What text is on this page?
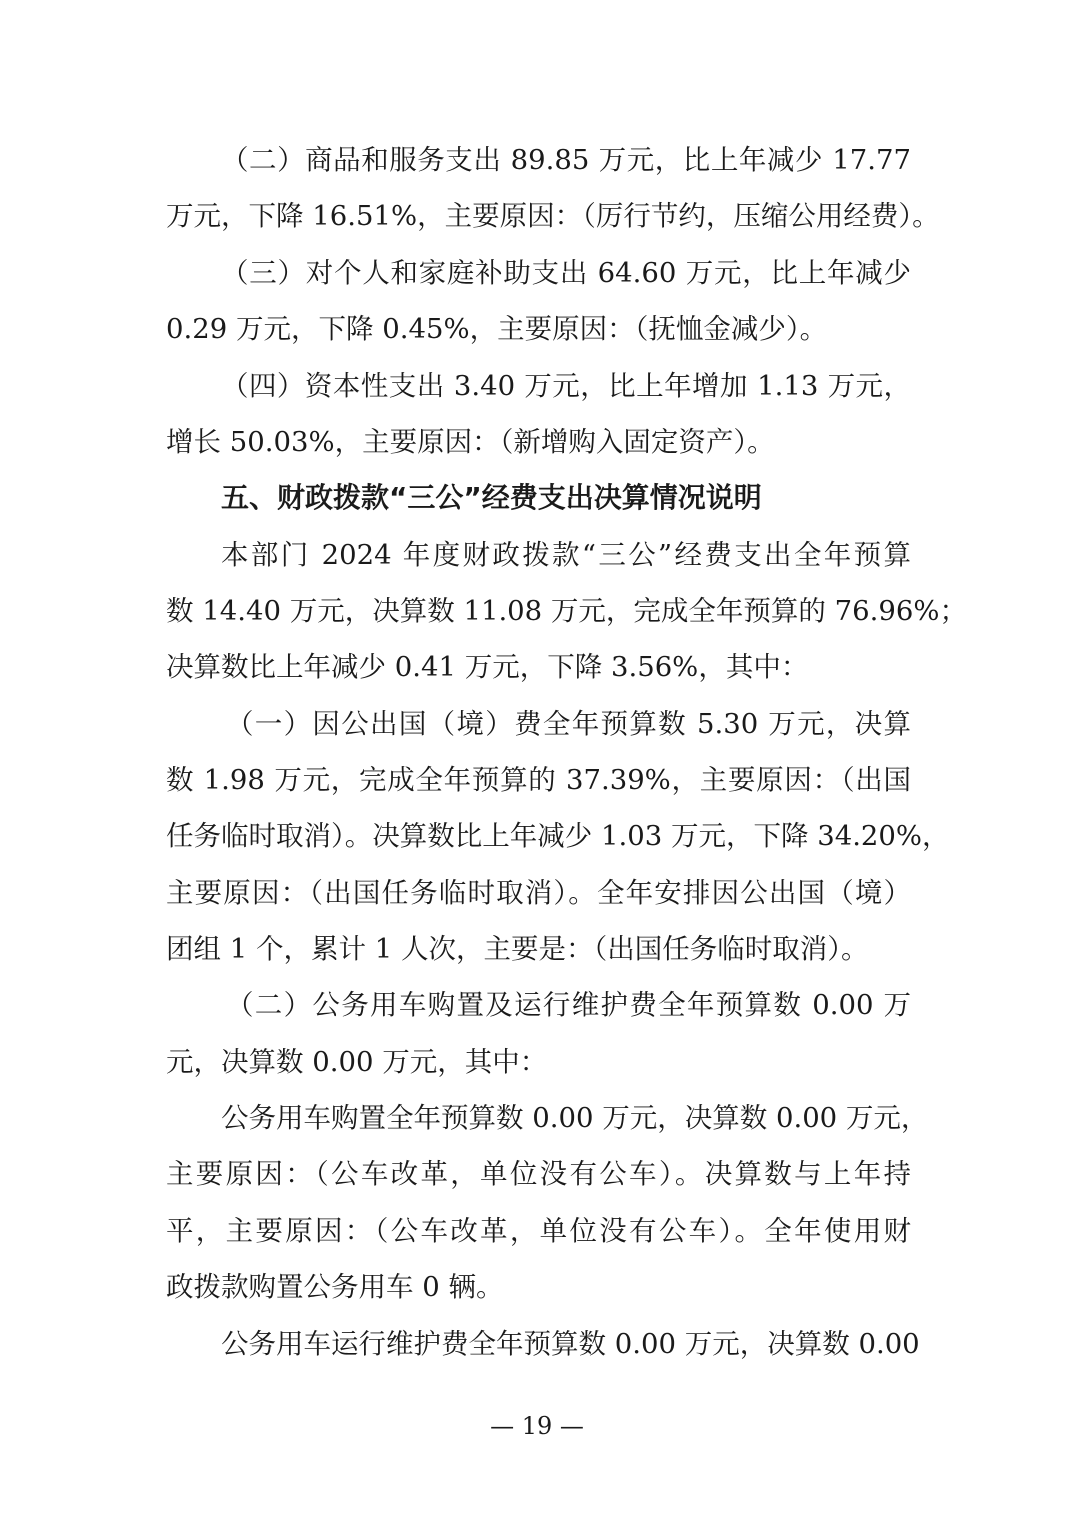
（二）商品和服务支出 89.85 万元，比上年减少 17.77
万元，下降 16.51%，主要原因：（厉行节约，压缩公用经费）。
（三）对个人和家庭补助支出 64.60 万元，比上年减少
0.29 万元，下降 0.45%，主要原因：（抚恤金减少）。
（四）资本性支出 3.40 万元，比上年增加 1.13 万元，
增长 50.03%，主要原因：（新增购入固定资产）。
五、财政拨款“三公”经费支出决算情况说明
本部门 2024 年度财政拨款“三公”经费支出全年预算
数 14.40 万元，决算数 11.08 万元，完成全年预算的 76.96%；
决算数比上年减少 0.41 万元，下降 3.56%，其中：
（一）因公出国（境）费全年预算数 5.30 万元，决算
数 1.98 万元，完成全年预算的 37.39%，主要原因：（出国
任务临时取消）。决算数比上年减少 1.03 万元，下降 34.20%，
主要原因：（出国任务临时取消）。全年安排因公出国（境）
团组 1 个，累计 1 人次，主要是：（出国任务临时取消）。
（二）公务用车购置及运行维护费全年预算数 0.00 万
元，决算数 0.00 万元，其中：
公务用车购置全年预算数 0.00 万元，决算数 0.00 万元，
主要原因：（公车改革，单位没有公车）。决算数与上年持
平，主要原因：（公车改革，单位没有公车）。全年使用财
政拨款购置公务用车 0 辆。
公务用车运行维护费全年预算数 0.00 万元，决算数 0.00
— 19 —
